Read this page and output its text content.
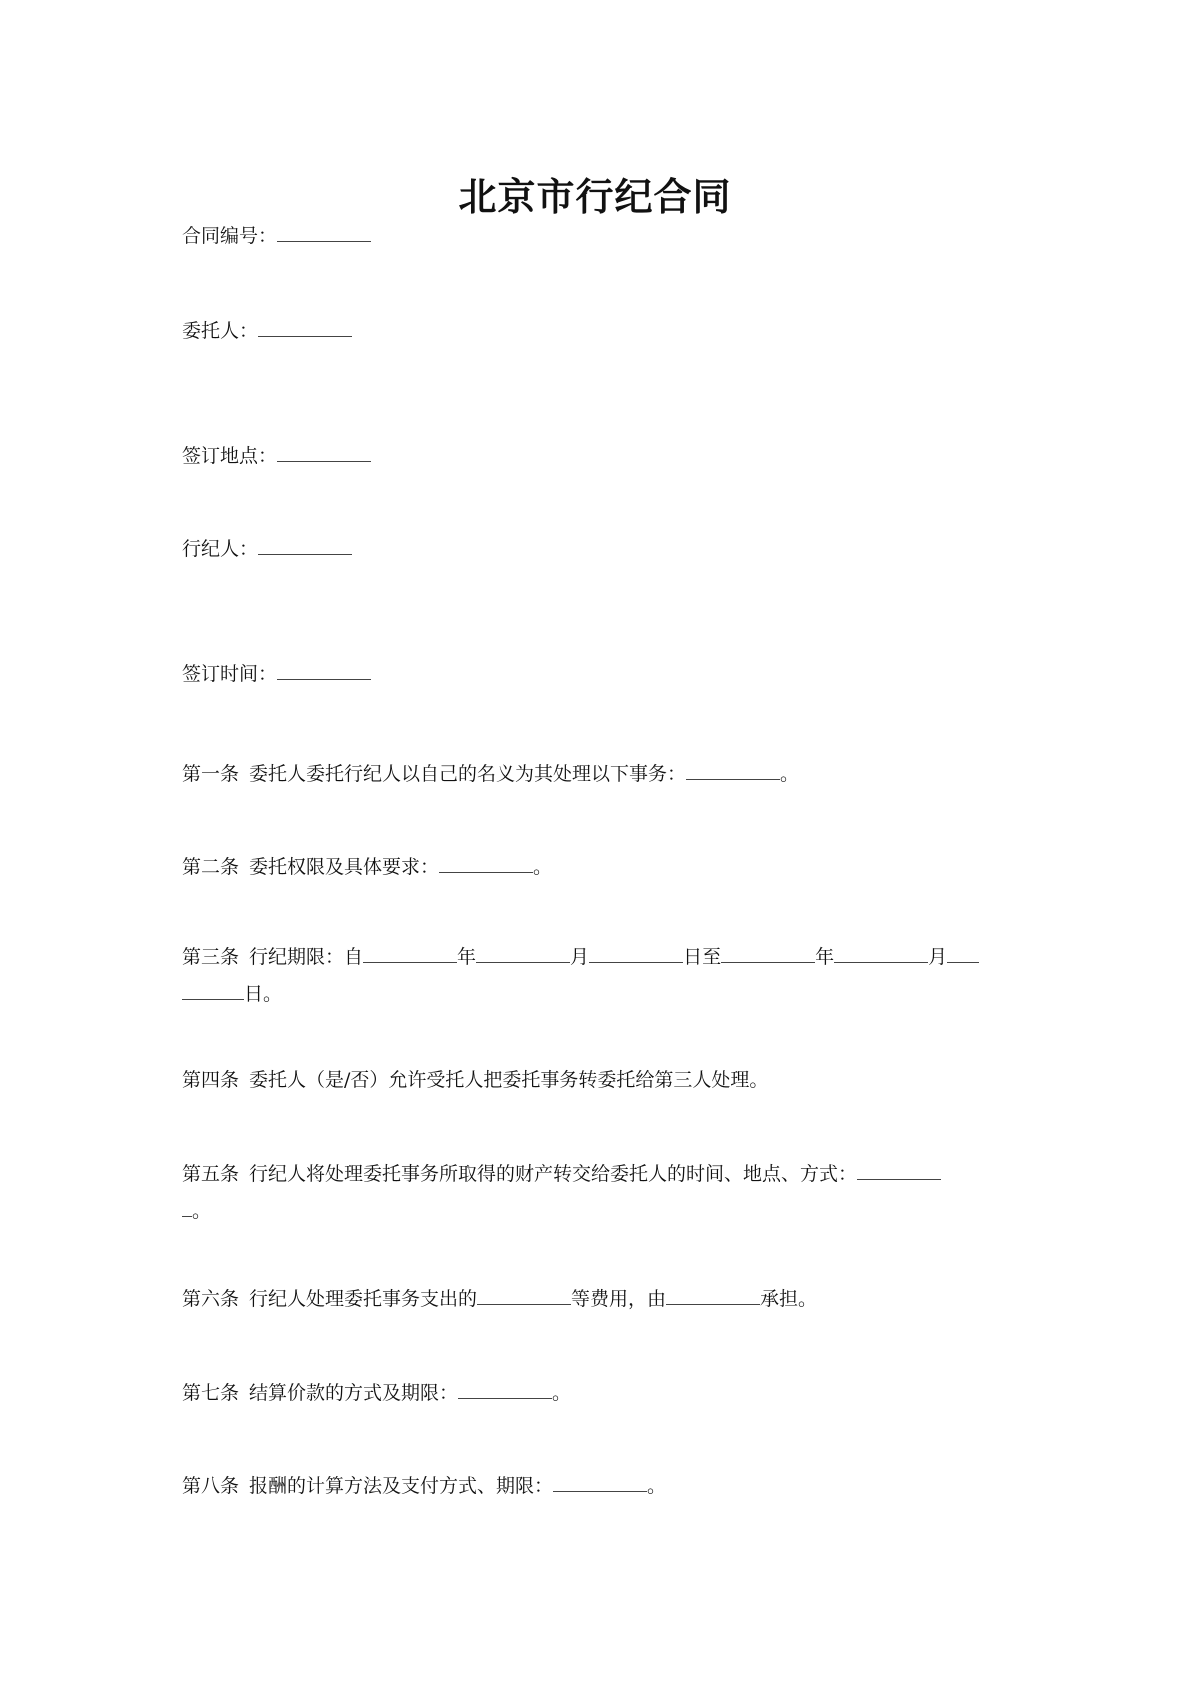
北京市行纪合同
合同编号：
委托人：
签订地点：
行纪人：
签订时间：
第一条 委托人委托行纪人以自己的名义为其处理以下事务：	。
第二条 委托权限及具体要求：	。
第三条 行纪期限：自	年	月	日至	年	月
日。
第四条 委托人（是/否）允许受托人把委托事务转委托给第三人处理。
第五条 行纪人将处理委托事务所取得的财产转交给委托人的时间、地点、方式：
。
第六条 行纪人处理委托事务支出的	等费用，由	承担。
第七条 结算价款的方式及期限：	。
第八条 报酬的计算方法及支付方式、期限：	。
